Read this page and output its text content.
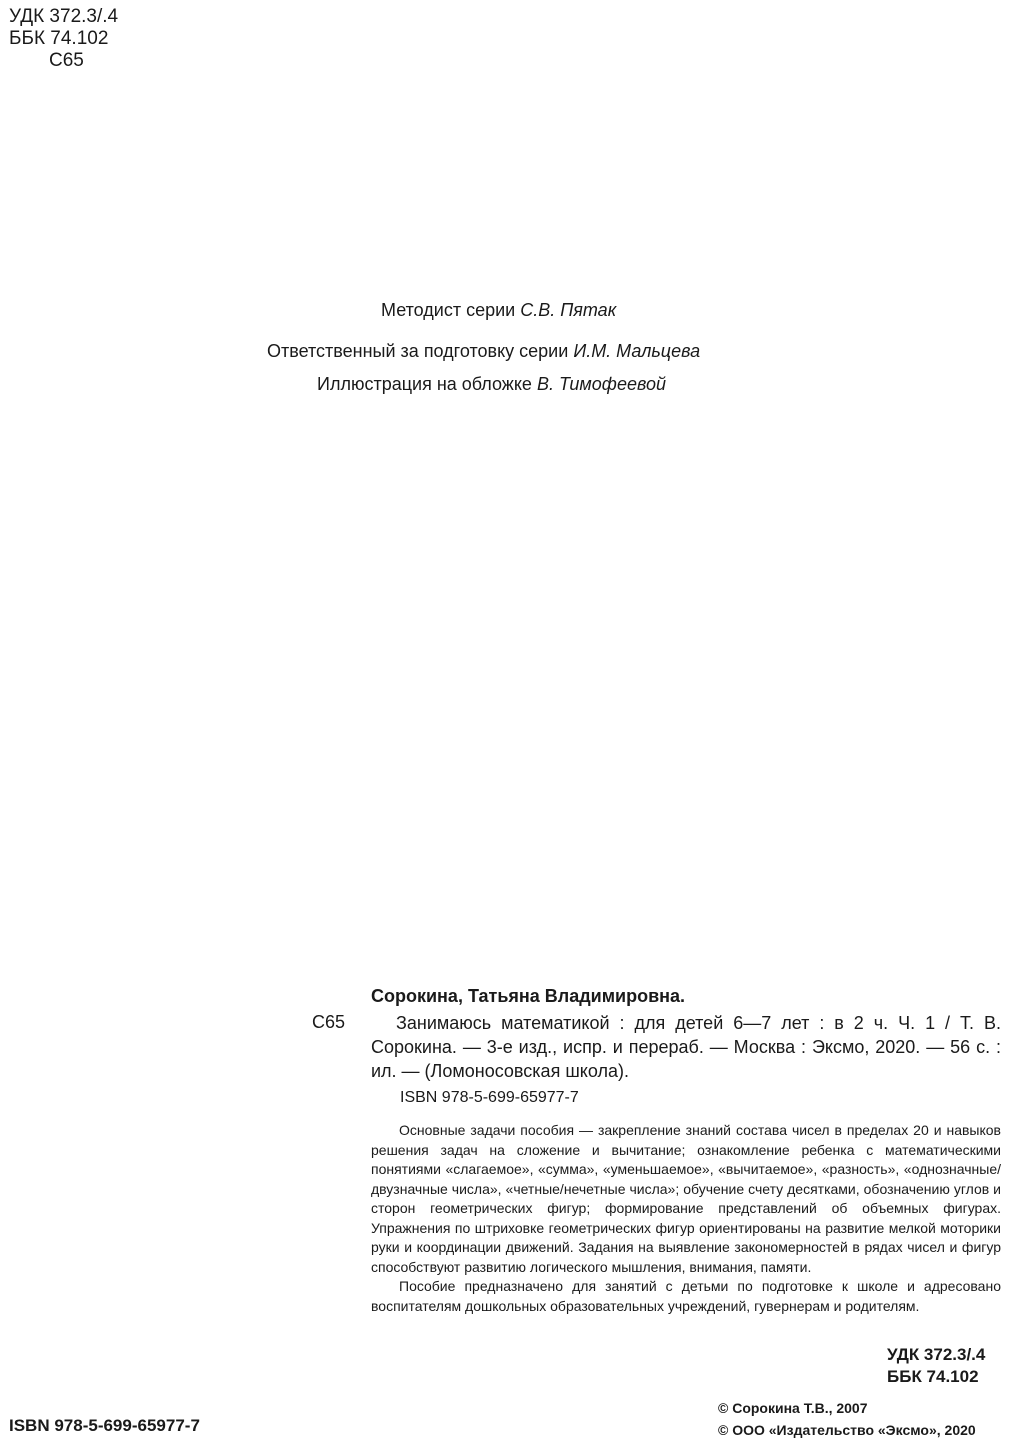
УДК 372.3/.4
ББК 74.102
С65
Методист серии С.В. Пятак
Ответственный за подготовку серии И.М. Мальцева
Иллюстрация на обложке В. Тимофеевой
Сорокина, Татьяна Владимировна.
С65	Занимаюсь математикой : для детей 6—7 лет : в 2 ч. Ч. 1 / Т. В. Сорокина. — 3-е изд., испр. и перераб. — Москва : Эксмо, 2020. — 56 с. : ил. — (Ломоносовская школа).
ISBN 978-5-699-65977-7

Основные задачи пособия — закрепление знаний состава чисел в пределах 20 и навыков решения задач на сложение и вычитание; ознакомление ребенка с математическими понятиями «слагаемое», «сумма», «уменьшаемое», «вычитаемое», «разность», «однозначные/двузначные числа», «четные/нечетные числа»; обучение счету десятками, обозначению углов и сторон геометрических фигур; формирование представлений об объемных фигурах. Упражнения по штриховке геометрических фигур ориентированы на развитие мелкой моторики руки и координации движений. Задания на выявление закономерностей в рядах чисел и фигур способствуют развитию логического мышления, внимания, памяти.

Пособие предназначено для занятий с детьми по подготовке к школе и адресовано воспитателям дошкольных образовательных учреждений, гувернерам и родителям.

УДК 372.3/.4
ББК 74.102
ISBN 978-5-699-65977-7
© Сорокина Т.В., 2007
© ООО «Издательство «Эксмо», 2020
